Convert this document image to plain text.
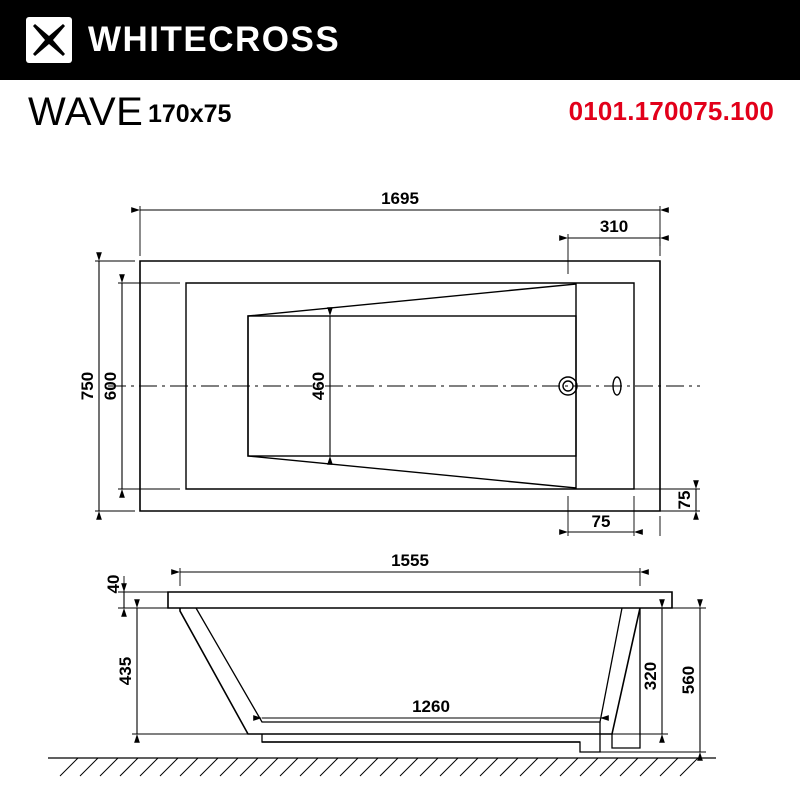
WHITECROSS
WAVE 170x75	0101.170075.100
1695
310
750 600	460
75
75
40
1555
435
1260
320 560
